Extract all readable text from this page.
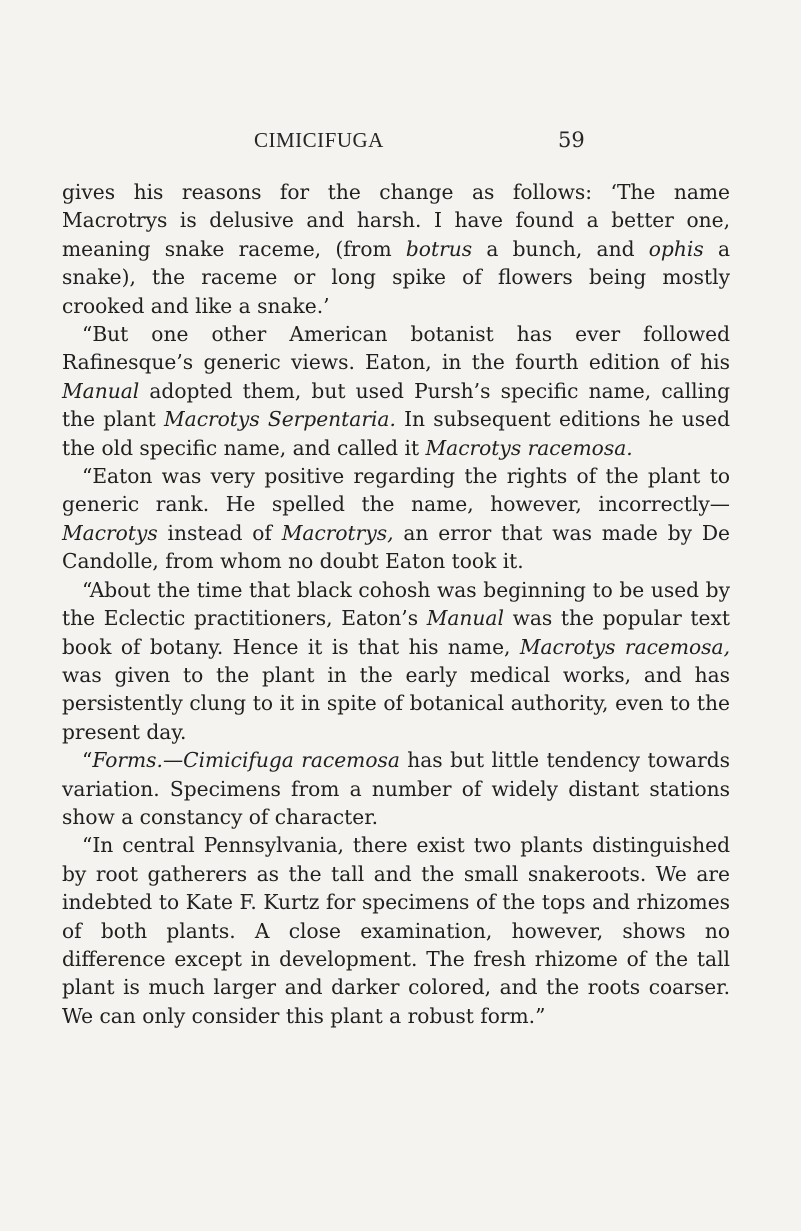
CIMICIFUGA	59

gives his reasons for the change as follows: ‘The name Macrotrys is delusive and harsh. I have found a better one, meaning snake raceme, (from botrus a bunch, and ophis a snake), the raceme or long spike of flowers being mostly crooked and like a snake.’

“But one other American botanist has ever followed Rafinesque’s generic views. Eaton, in the fourth edition of his Manual adopted them, but used Pursh’s specific name, calling the plant Macrotys Serpentaria. In subsequent editions he used the old specific name, and called it Macrotys racemosa.

“Eaton was very positive regarding the rights of the plant to generic rank. He spelled the name, however, incorrectly—Macrotys instead of Macrotrys, an error that was made by De Candolle, from whom no doubt Eaton took it.

“About the time that black cohosh was beginning to be used by the Eclectic practitioners, Eaton’s Manual was the popular text book of botany. Hence it is that his name, Macrotys racemosa, was given to the plant in the early medical works, and has persistently clung to it in spite of botanical authority, even to the present day.

“Forms.—Cimicifuga racemosa has but little tendency towards variation. Specimens from a number of widely distant stations show a constancy of character.

“In central Pennsylvania, there exist two plants distinguished by root gatherers as the tall and the small snakeroots. We are indebted to Kate F. Kurtz for specimens of the tops and rhizomes of both plants. A close examination, however, shows no difference except in development. The fresh rhizome of the tall plant is much larger and darker colored, and the roots coarser. We can only consider this plant a robust form.”
